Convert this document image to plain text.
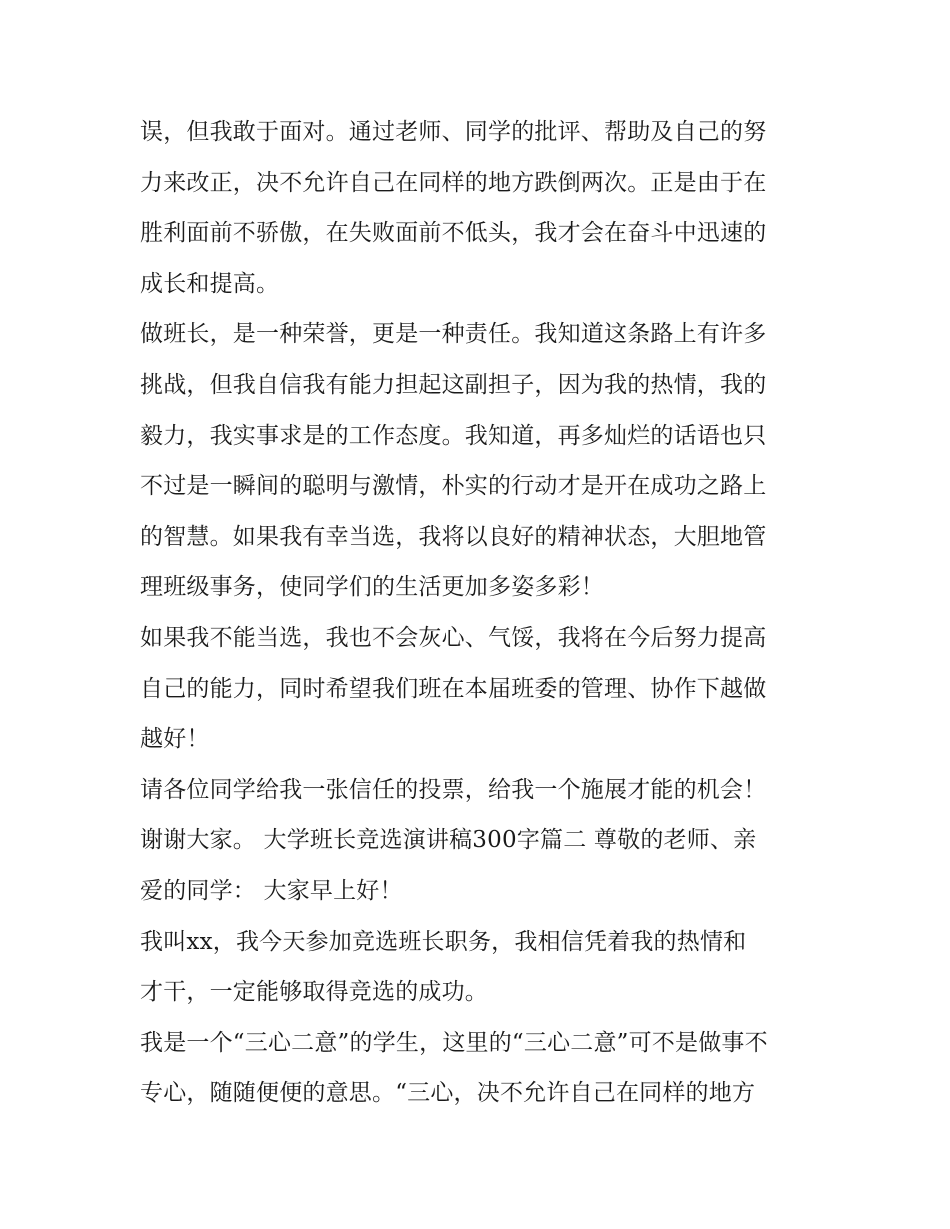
误，但我敢于面对。通过老师、同学的批评、帮助及自己的努
力来改正，决不允许自己在同样的地方跌倒两次。正是由于在
胜利面前不骄傲，在失败面前不低头，我才会在奋斗中迅速的
成长和提高。
做班长，是一种荣誉，更是一种责任。我知道这条路上有许多
挑战，但我自信我有能力担起这副担子，因为我的热情，我的
毅力，我实事求是的工作态度。我知道，再多灿烂的话语也只
不过是一瞬间的聪明与激情，朴实的行动才是开在成功之路上
的智慧。如果我有幸当选，我将以良好的精神状态，大胆地管
理班级事务，使同学们的生活更加多姿多彩！
如果我不能当选，我也不会灰心、气馁，我将在今后努力提高
自己的能力，同时希望我们班在本届班委的管理、协作下越做
越好！
请各位同学给我一张信任的投票，给我一个施展才能的机会！
谢谢大家。 大学班长竞选演讲稿300字篇二 尊敬的老师、亲
爱的同学： 大家早上好！
我叫xx，我今天参加竞选班长职务，我相信凭着我的热情和
才干，一定能够取得竞选的成功。
我是一个“三心二意”的学生，这里的“三心二意”可不是做事不
专心，随随便便的意思。“三心，决不允许自己在同样的地方
